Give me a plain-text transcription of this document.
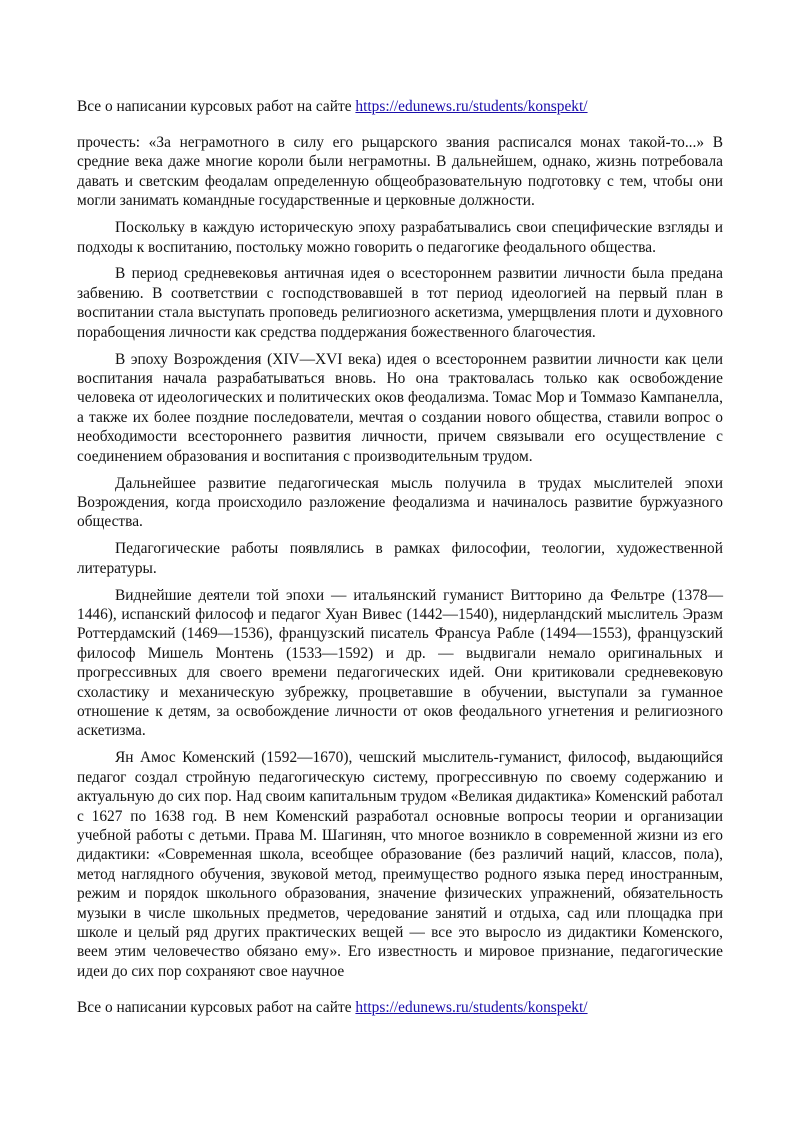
Все о написании курсовых работ на сайте https://edunews.ru/students/konspekt/

прочесть: «За неграмотного в силу его рыцарского звания расписался монах такой-то...» В средние века даже многие короли были неграмотны. В дальнейшем, однако, жизнь потребовала давать и светским феодалам определенную общеобразовательную подготовку с тем, чтобы они могли занимать командные государственные и церковные должности.

Поскольку в каждую историческую эпоху разрабатывались свои специфические взгляды и подходы к воспитанию, постольку можно говорить о педагогике феодального общества.

В период средневековья античная идея о всестороннем развитии личности была предана забвению. В соответствии с господствовавшей в тот период идеологией на первый план в воспитании стала выступать проповедь религиозного аскетизма, умерщвления плоти и духовного порабощения личности как средства поддержания божественного благочестия.

В эпоху Возрождения (XIV—XVI века) идея о всестороннем развитии личности как цели воспитания начала разрабатываться вновь. Но она трактовалась только как освобождение человека от идеологических и политических оков феодализма. Томас Мор и Томмазо Кампанелла, а также их более поздние последователи, мечтая о создании нового общества, ставили вопрос о необходимости всестороннего развития личности, причем связывали его осуществление с соединением образования и воспитания с производительным трудом.

Дальнейшее развитие педагогическая мысль получила в трудах мыслителей эпохи Возрождения, когда происходило разложение феодализма и начиналось развитие буржуазного общества.

Педагогические работы появлялись в рамках философии, теологии, художественной литературы.

Виднейшие деятели той эпохи — итальянский гуманист Витторино да Фельтре (1378—1446), испанский философ и педагог Хуан Вивес (1442—1540), нидерландский мыслитель Эразм Роттердамский (1469—1536), французский писатель Франсуа Рабле (1494—1553), французский философ Мишель Монтень (1533—1592) и др. — выдвигали немало оригинальных и прогрессивных для своего времени педагогических идей. Они критиковали средневековую схоластику и механическую зубрежку, процветавшие в обучении, выступали за гуманное отношение к детям, за освобождение личности от оков феодального угнетения и религиозного аскетизма.

Ян Амос Коменский (1592—1670), чешский мыслитель-гуманист, философ, выдающийся педагог создал стройную педагогическую систему, прогрессивную по своему содержанию и актуальную до сих пор. Над своим капитальным трудом «Великая дидактика» Коменский работал с 1627 по 1638 год. В нем Коменский разработал основные вопросы теории и организации учебной работы с детьми. Права М. Шагинян, что многое возникло в современной жизни из его дидактики: «Современная школа, всеобщее образование (без различий наций, классов, пола), метод наглядного обучения, звуковой метод, преимущество родного языка перед иностранным, режим и порядок школьного образования, значение физических упражнений, обязательность музыки в числе школьных предметов, чередование занятий и отдыха, сад или площадка при школе и целый ряд других практических вещей — все это выросло из дидактики Коменского, веем этим человечество обязано ему». Его известность и мировое признание, педагогические идеи до сих пор сохраняют свое научное

Все о написании курсовых работ на сайте https://edunews.ru/students/konspekt/
